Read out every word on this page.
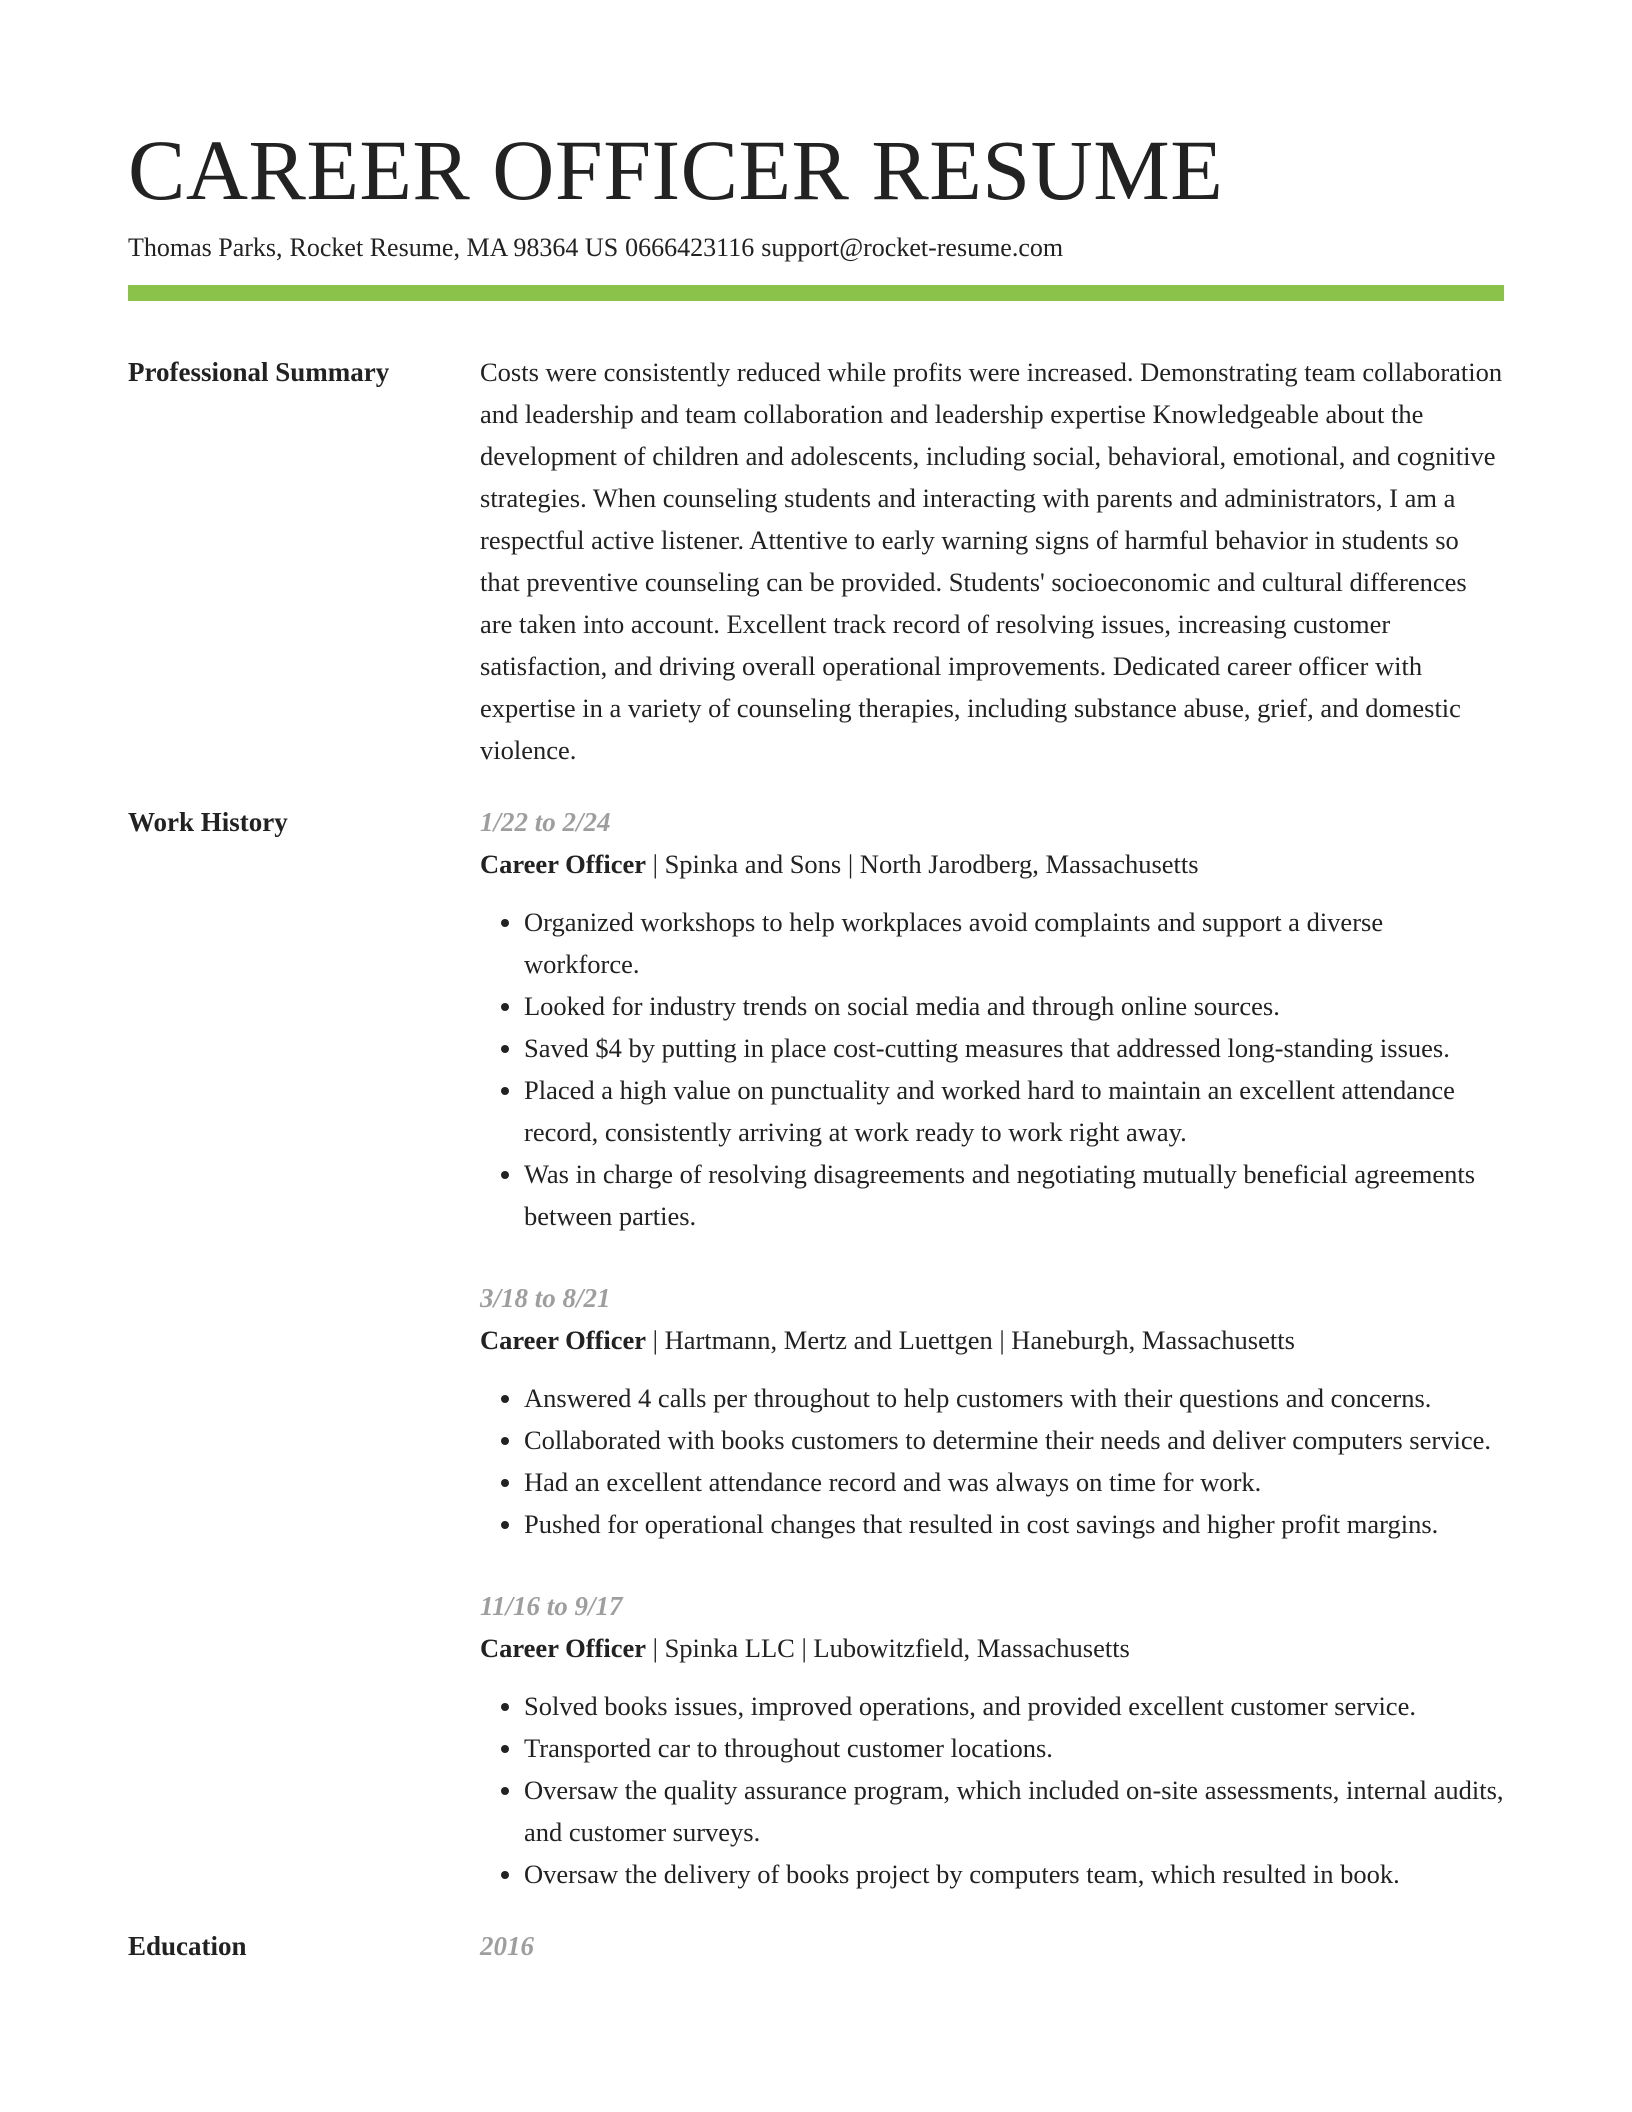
CAREER OFFICER RESUME
Thomas Parks, Rocket Resume, MA 98364 US 0666423116 support@rocket-resume.com
Professional Summary	Costs were consistently reduced while profits were increased. Demonstrating team collaboration and leadership and team collaboration and leadership expertise Knowledgeable about the development of children and adolescents, including social, behavioral, emotional, and cognitive strategies. When counseling students and interacting with parents and administrators, I am a respectful active listener. Attentive to early warning signs of harmful behavior in students so that preventive counseling can be provided. Students' socioeconomic and cultural differences are taken into account. Excellent track record of resolving issues, increasing customer satisfaction, and driving overall operational improvements. Dedicated career officer with expertise in a variety of counseling therapies, including substance abuse, grief, and domestic violence.

Work History	1/22 to 2/24
Career Officer | Spinka and Sons | North Jarodberg, Massachusetts
• Organized workshops to help workplaces avoid complaints and support a diverse workforce.
• Looked for industry trends on social media and through online sources.
• Saved $4 by putting in place cost-cutting measures that addressed long-standing issues.
• Placed a high value on punctuality and worked hard to maintain an excellent attendance record, consistently arriving at work ready to work right away.
• Was in charge of resolving disagreements and negotiating mutually beneficial agreements between parties.
3/18 to 8/21
Career Officer | Hartmann, Mertz and Luettgen | Haneburgh, Massachusetts
• Answered 4 calls per throughout to help customers with their questions and concerns.
• Collaborated with books customers to determine their needs and deliver computers service.
• Had an excellent attendance record and was always on time for work.
• Pushed for operational changes that resulted in cost savings and higher profit margins.
11/16 to 9/17
Career Officer | Spinka LLC | Lubowitzfield, Massachusetts
• Solved books issues, improved operations, and provided excellent customer service.
• Transported car to throughout customer locations.
• Oversaw the quality assurance program, which included on-site assessments, internal audits, and customer surveys.
• Oversaw the delivery of books project by computers team, which resulted in book.
Education	2016
